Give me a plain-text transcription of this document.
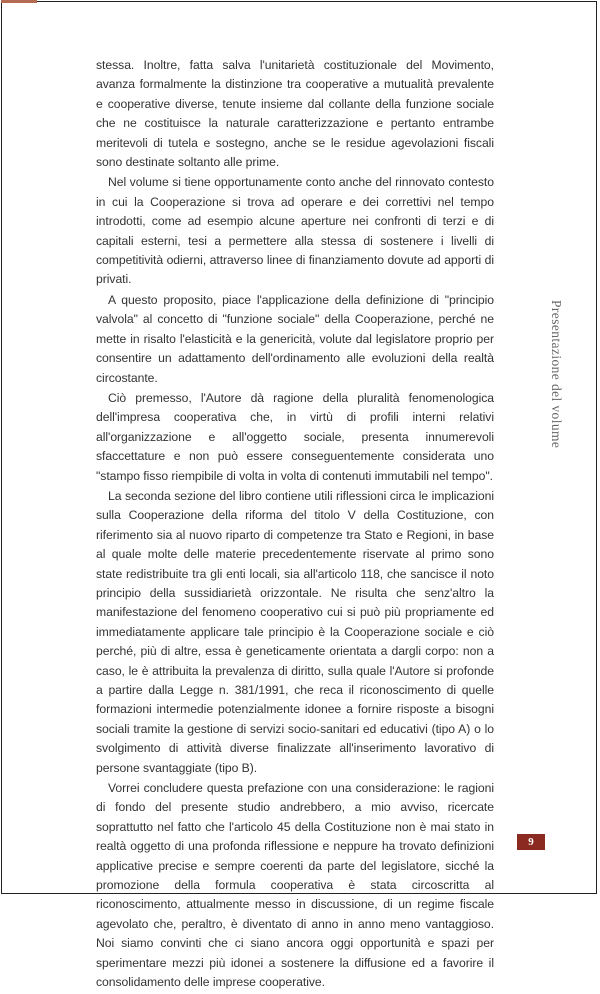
stessa. Inoltre, fatta salva l'unitarietà costituzionale del Movimento, avanza formalmente la distinzione tra cooperative a mutualità prevalente e cooperative diverse, tenute insieme dal collante della funzione sociale che ne costituisce la naturale caratterizzazione e pertanto entrambe meritevoli di tutela e sostegno, anche se le residue agevolazioni fiscali sono destinate soltanto alle prime.

Nel volume si tiene opportunamente conto anche del rinnovato contesto in cui la Cooperazione si trova ad operare e dei correttivi nel tempo introdotti, come ad esempio alcune aperture nei confronti di terzi e di capitali esterni, tesi a permettere alla stessa di sostenere i livelli di competitività odierni, attraverso linee di finanziamento dovute ad apporti di privati.

A questo proposito, piace l'applicazione della definizione di "principio valvola" al concetto di "funzione sociale" della Cooperazione, perché ne mette in risalto l'elasticità e la genericità, volute dal legislatore proprio per consentire un adattamento dell'ordinamento alle evoluzioni della realtà circostante.

Ciò premesso, l'Autore dà ragione della pluralità fenomenologica dell'impresa cooperativa che, in virtù di profili interni relativi all'organizzazione e all'oggetto sociale, presenta innumerevoli sfaccettature e non può essere conseguentemente considerata uno "stampo fisso riempibile di volta in volta di contenuti immutabili nel tempo".

La seconda sezione del libro contiene utili riflessioni circa le implicazioni sulla Cooperazione della riforma del titolo V della Costituzione, con riferimento sia al nuovo riparto di competenze tra Stato e Regioni, in base al quale molte delle materie precedentemente riservate al primo sono state redistribuite tra gli enti locali, sia all'articolo 118, che sancisce il noto principio della sussidiarietà orizzontale. Ne risulta che senz'altro la manifestazione del fenomeno cooperativo cui si può più propriamente ed immediatamente applicare tale principio è la Cooperazione sociale e ciò perché, più di altre, essa è geneticamente orientata a dargli corpo: non a caso, le è attribuita la prevalenza di diritto, sulla quale l'Autore si profonde a partire dalla Legge n. 381/1991, che reca il riconoscimento di quelle formazioni intermedie potenzialmente idonee a fornire risposte a bisogni sociali tramite la gestione di servizi socio-sanitari ed educativi (tipo A) o lo svolgimento di attività diverse finalizzate all'inserimento lavorativo di persone svantaggiate (tipo B).

Vorrei concludere questa prefazione con una considerazione: le ragioni di fondo del presente studio andrebbero, a mio avviso, ricercate soprattutto nel fatto che l'articolo 45 della Costituzione non è mai stato in realtà oggetto di una profonda riflessione e neppure ha trovato definizioni applicative precise e sempre coerenti da parte del legislatore, sicché la promozione della formula cooperativa è stata circoscritta al riconoscimento, attualmente messo in discussione, di un regime fiscale agevolato che, peraltro, è diventato di anno in anno meno vantaggioso. Noi siamo convinti che ci siano ancora oggi opportunità e spazi per sperimentare mezzi più idonei a sostenere la diffusione ed a favorire il consolidamento delle imprese cooperative.

Presentazione del volume
9
